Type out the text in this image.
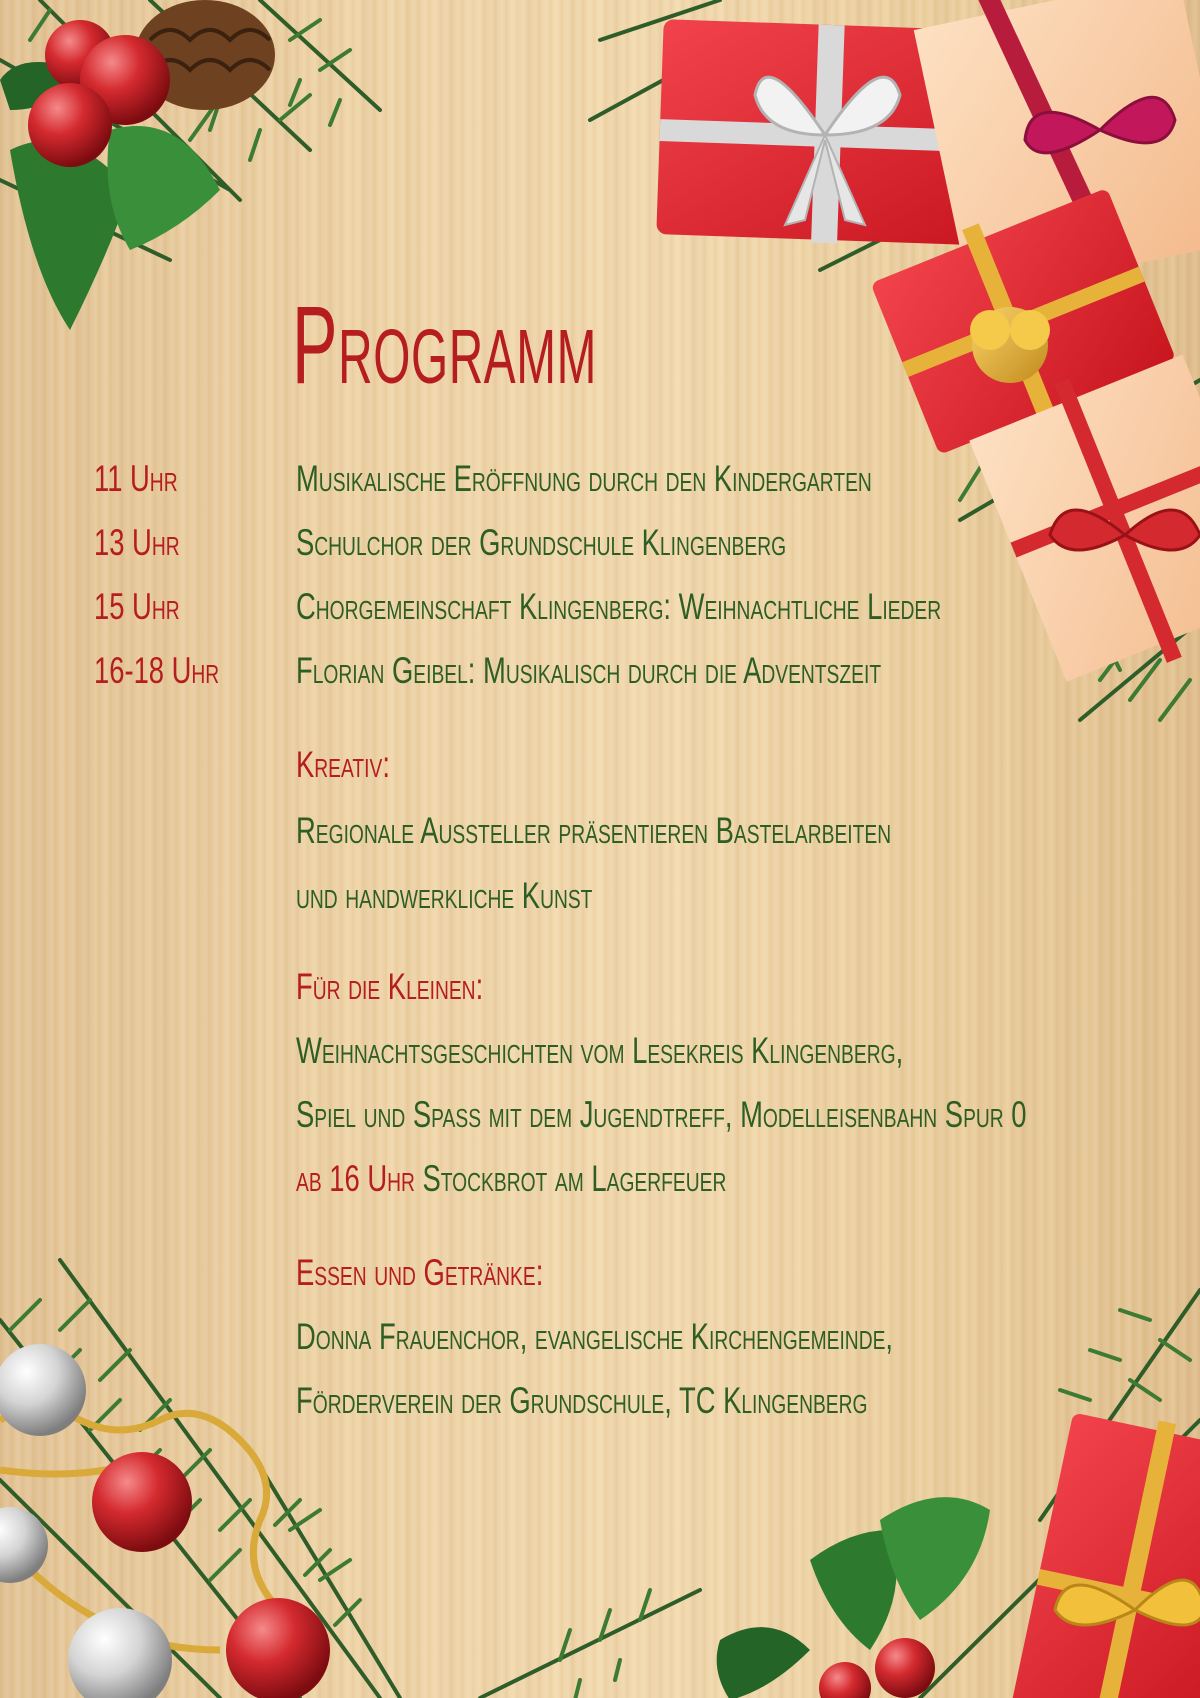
Programm
11 Uhr	Musikalische Eröffnung durch den Kindergarten
13 Uhr	Schulchor der Grundschule Klingenberg
15 Uhr	Chorgemeinschaft Klingenberg: Weihnachtliche Lieder
16-18 Uhr Florian Geibel: Musikalisch durch die Adventszeit
Kreativ:
Regionale Aussteller präsentieren Bastelarbeiten
und handwerkliche Kunst
Für die Kleinen:
Weihnachtsgeschichten vom Lesekreis Klingenberg,
Spiel und Spass mit dem Jugendtreff, Modelleisenbahn Spur 0
ab 16 Uhr Stockbrot am Lagerfeuer
Essen und Getränke:
Donna Frauenchor, evangelische Kirchengemeinde,
Förderverein der Grundschule, TC Klingenberg
